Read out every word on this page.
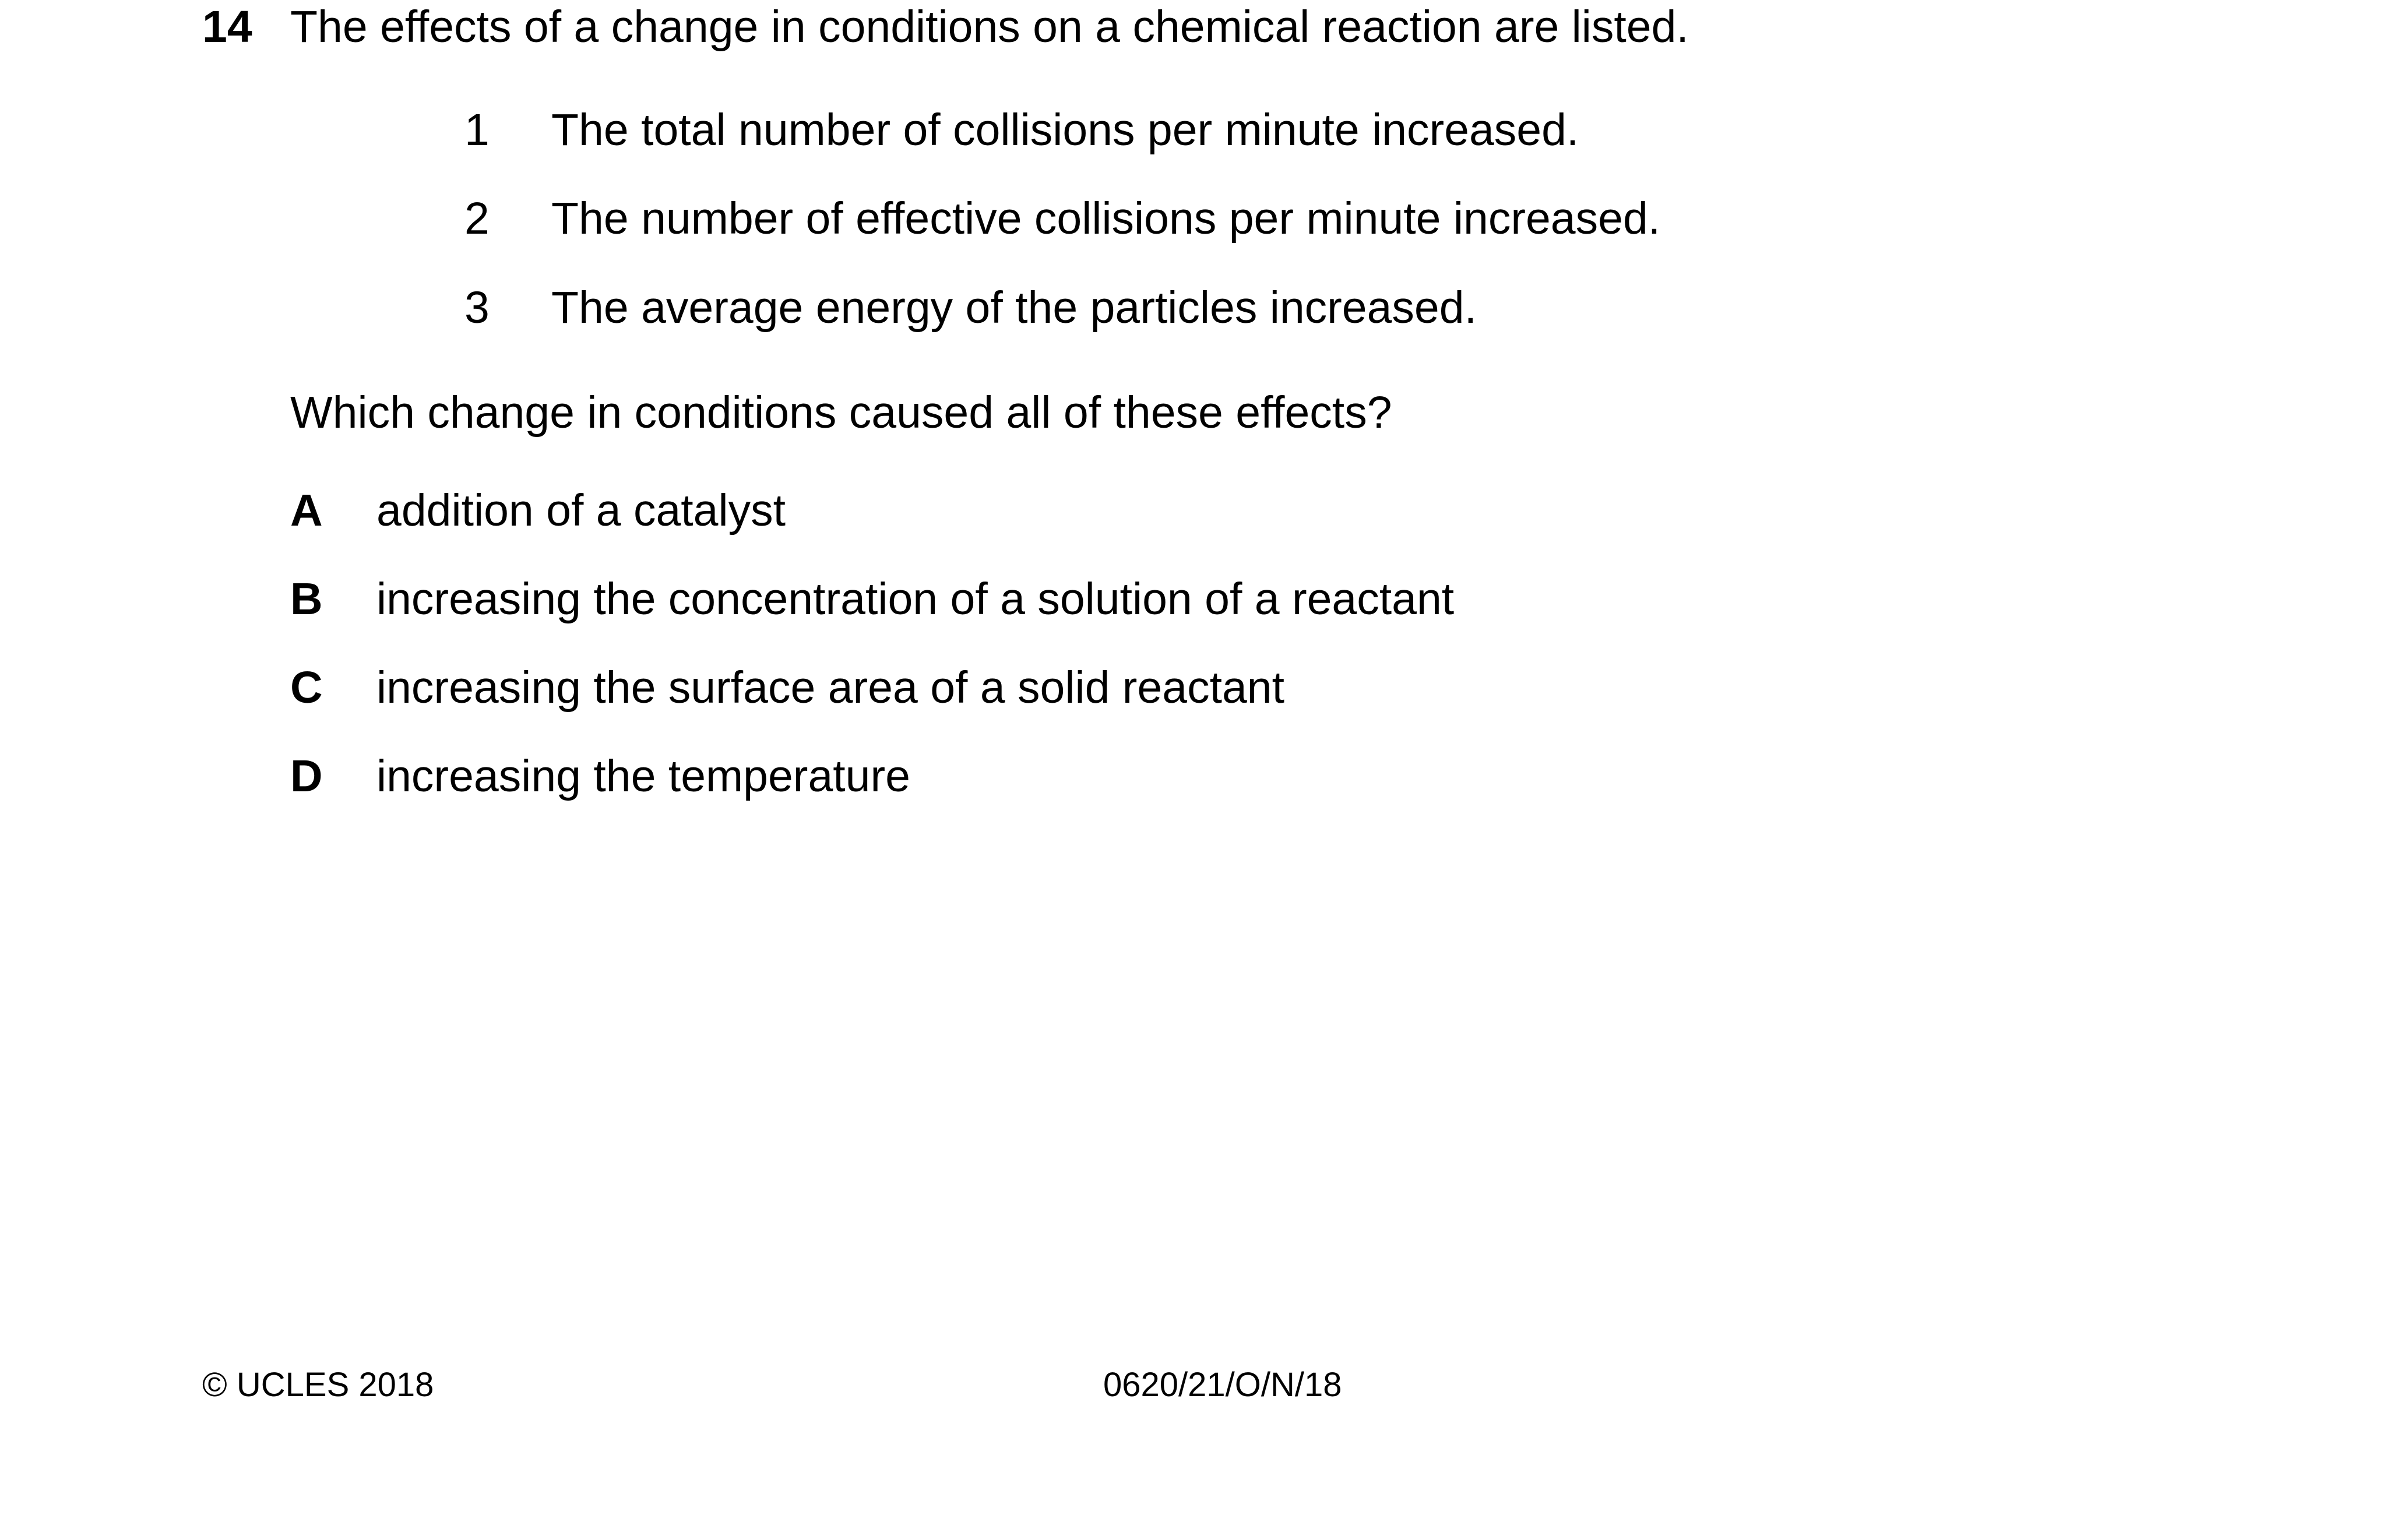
14 The effects of a change in conditions on a chemical reaction are listed.
1 The total number of collisions per minute increased.
2 The number of effective collisions per minute increased.
3 The average energy of the particles increased.
Which change in conditions caused all of these effects?
A addition of a catalyst
B increasing the concentration of a solution of a reactant
C increasing the surface area of a solid reactant
D increasing the temperature
© UCLES 2018	0620/21/O/N/18
